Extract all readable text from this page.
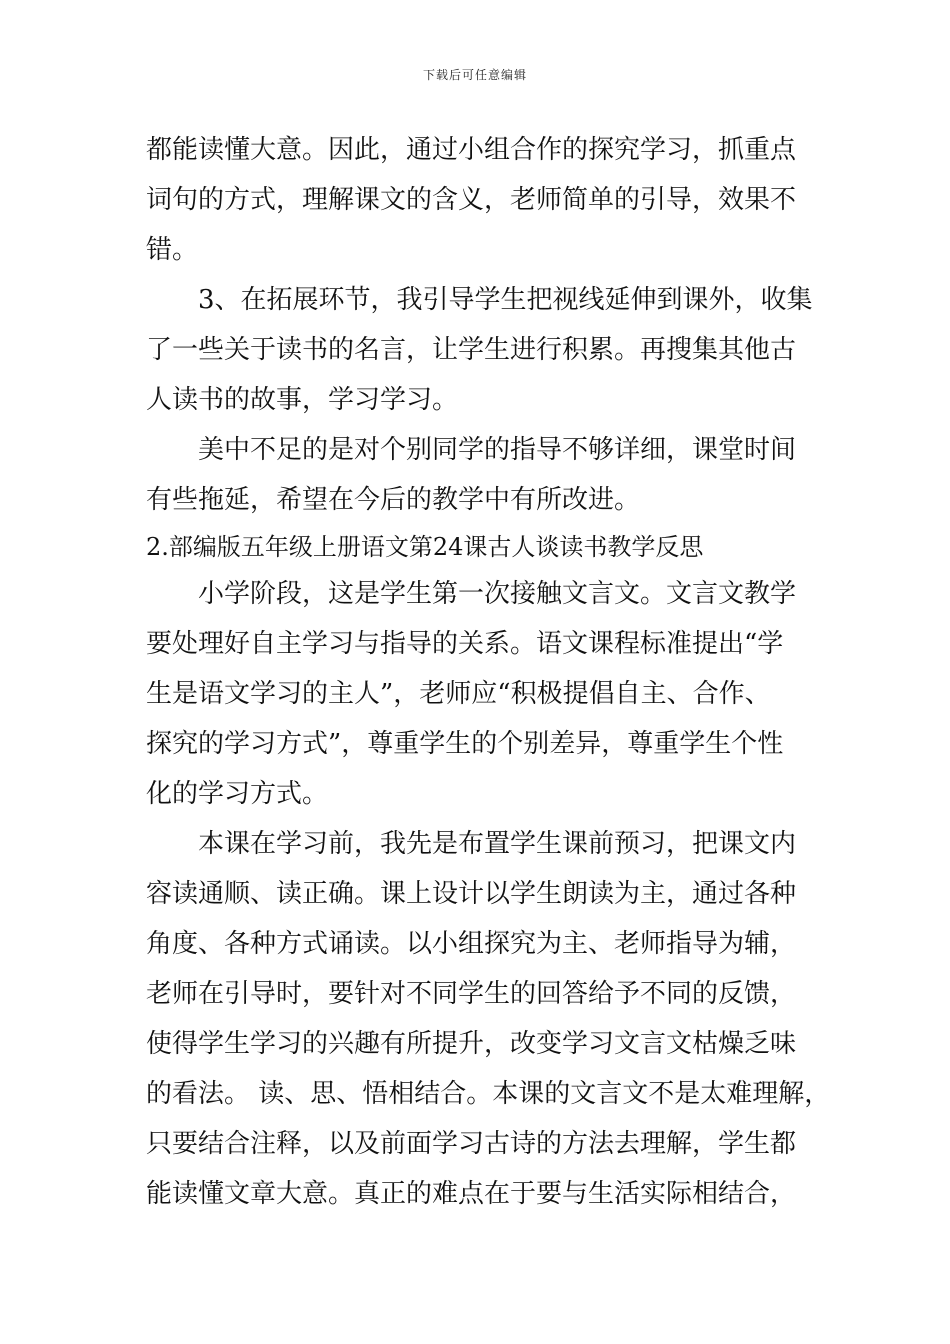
下载后可任意编辑
都能读懂大意。因此，通过小组合作的探究学习，抓重点
词句的方式，理解课文的含义，老师简单的引导，效果不
错。
3、在拓展环节，我引导学生把视线延伸到课外，收集
了一些关于读书的名言，让学生进行积累。再搜集其他古
人读书的故事，学习学习。
美中不足的是对个别同学的指导不够详细，课堂时间
有些拖延，希望在今后的教学中有所改进。
2.部编版五年级上册语文第24课古人谈读书教学反思
小学阶段，这是学生第一次接触文言文。文言文教学
要处理好自主学习与指导的关系。语文课程标准提出“学
生是语文学习的主人”，老师应“积极提倡自主、合作、
探究的学习方式”，尊重学生的个别差异，尊重学生个性
化的学习方式。
本课在学习前，我先是布置学生课前预习，把课文内
容读通顺、读正确。课上设计以学生朗读为主，通过各种
角度、各种方式诵读。以小组探究为主、老师指导为辅，
老师在引导时，要针对不同学生的回答给予不同的反馈，
使得学生学习的兴趣有所提升，改变学习文言文枯燥乏味
的看法。 读、思、悟相结合。本课的文言文不是太难理解，
只要结合注释，以及前面学习古诗的方法去理解，学生都
能读懂文章大意。真正的难点在于要与生活实际相结合，
